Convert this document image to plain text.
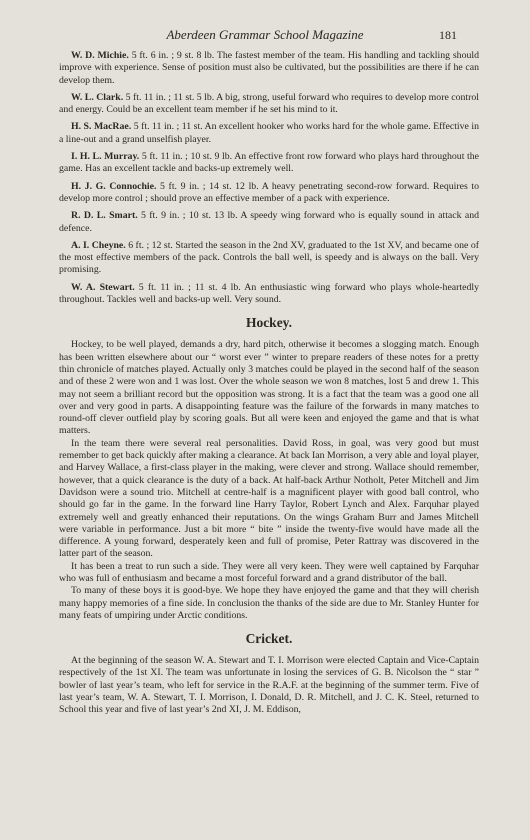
Aberdeen Grammar School Magazine	181

W. D. Michie. 5 ft. 6 in. ; 9 st. 8 lb. The fastest member of the team. His handling and tackling should improve with experience. Sense of position must also be cultivated, but the possibilities are there if he can develop them.

W. L. Clark. 5 ft. 11 in. ; 11 st. 5 lb. A big, strong, useful forward who requires to develop more control and energy. Could be an excellent team member if he set his mind to it.

H. S. MacRae. 5 ft. 11 in. ; 11 st. An excellent hooker who works hard for the whole game. Effective in a line-out and a grand unselfish player.

I. H. L. Murray. 5 ft. 11 in. ; 10 st. 9 lb. An effective front row forward who plays hard throughout the game. Has an excellent tackle and backs-up extremely well.

H. J. G. Connochie. 5 ft. 9 in. ; 14 st. 12 lb. A heavy penetrating second-row forward. Requires to develop more control ; should prove an effective member of a pack with experience.

R. D. L. Smart. 5 ft. 9 in. ; 10 st. 13 lb. A speedy wing forward who is equally sound in attack and defence.

A. I. Cheyne. 6 ft. ; 12 st. Started the season in the 2nd XV, graduated to the 1st XV, and became one of the most effective members of the pack. Controls the ball well, is speedy and is always on the ball. Very promising.

W. A. Stewart. 5 ft. 11 in. ; 11 st. 4 lb. An enthusiastic wing forward who plays whole-heartedly throughout. Tackles well and backs-up well. Very sound.

Hockey.

Hockey, to be well played, demands a dry, hard pitch, otherwise it becomes a slogging match. Enough has been written elsewhere about our “ worst ever ” winter to prepare readers of these notes for a pretty thin chronicle of matches played. Actually only 3 matches could be played in the second half of the season and of these 2 were won and 1 was lost. Over the whole season we won 8 matches, lost 5 and drew 1. This may not seem a brilliant record but the opposition was strong. It is a fact that the team was a good one all over and very good in parts. A disappointing feature was the failure of the forwards in many matches to round-off clever outfield play by scoring goals. But all were keen and enjoyed the game and that is what matters.

In the team there were several real personalities. David Ross, in goal, was very good but must remember to get back quickly after making a clearance. At back Ian Morrison, a very able and loyal player, and Harvey Wallace, a first-class player in the making, were clever and strong. Wallace should remember, however, that a quick clearance is the duty of a back. At half-back Arthur Notholt, Peter Mitchell and Jim Davidson were a sound trio. Mitchell at centre-half is a magnificent player with good ball control, who should go far in the game. In the forward line Harry Taylor, Robert Lynch and Alex. Farquhar played extremely well and greatly enhanced their reputations. On the wings Graham Burr and James Mitchell were variable in performance. Just a bit more “ bite ” inside the twenty-five would have made all the difference. A young forward, desperately keen and full of promise, Peter Rattray was discovered in the latter part of the season.

It has been a treat to run such a side. They were all very keen. They were well captained by Farquhar who was full of enthusiasm and became a most forceful forward and a grand distributor of the ball.

To many of these boys it is good-bye. We hope they have enjoyed the game and that they will cherish many happy memories of a fine side. In conclusion the thanks of the side are due to Mr. Stanley Hunter for many feats of umpiring under Arctic conditions.

Cricket.

At the beginning of the season W. A. Stewart and T. I. Morrison were elected Captain and Vice-Captain respectively of the 1st XI. The team was unfortunate in losing the services of G. B. Nicolson the “ star ” bowler of last year’s team, who left for service in the R.A.F. at the beginning of the summer term. Five of last year’s team, W. A. Stewart, T. I. Morrison, I. Donald, D. R. Mitchell, and J. C. K. Steel, returned to School this year and five of last year’s 2nd XI, J. M. Eddison,
